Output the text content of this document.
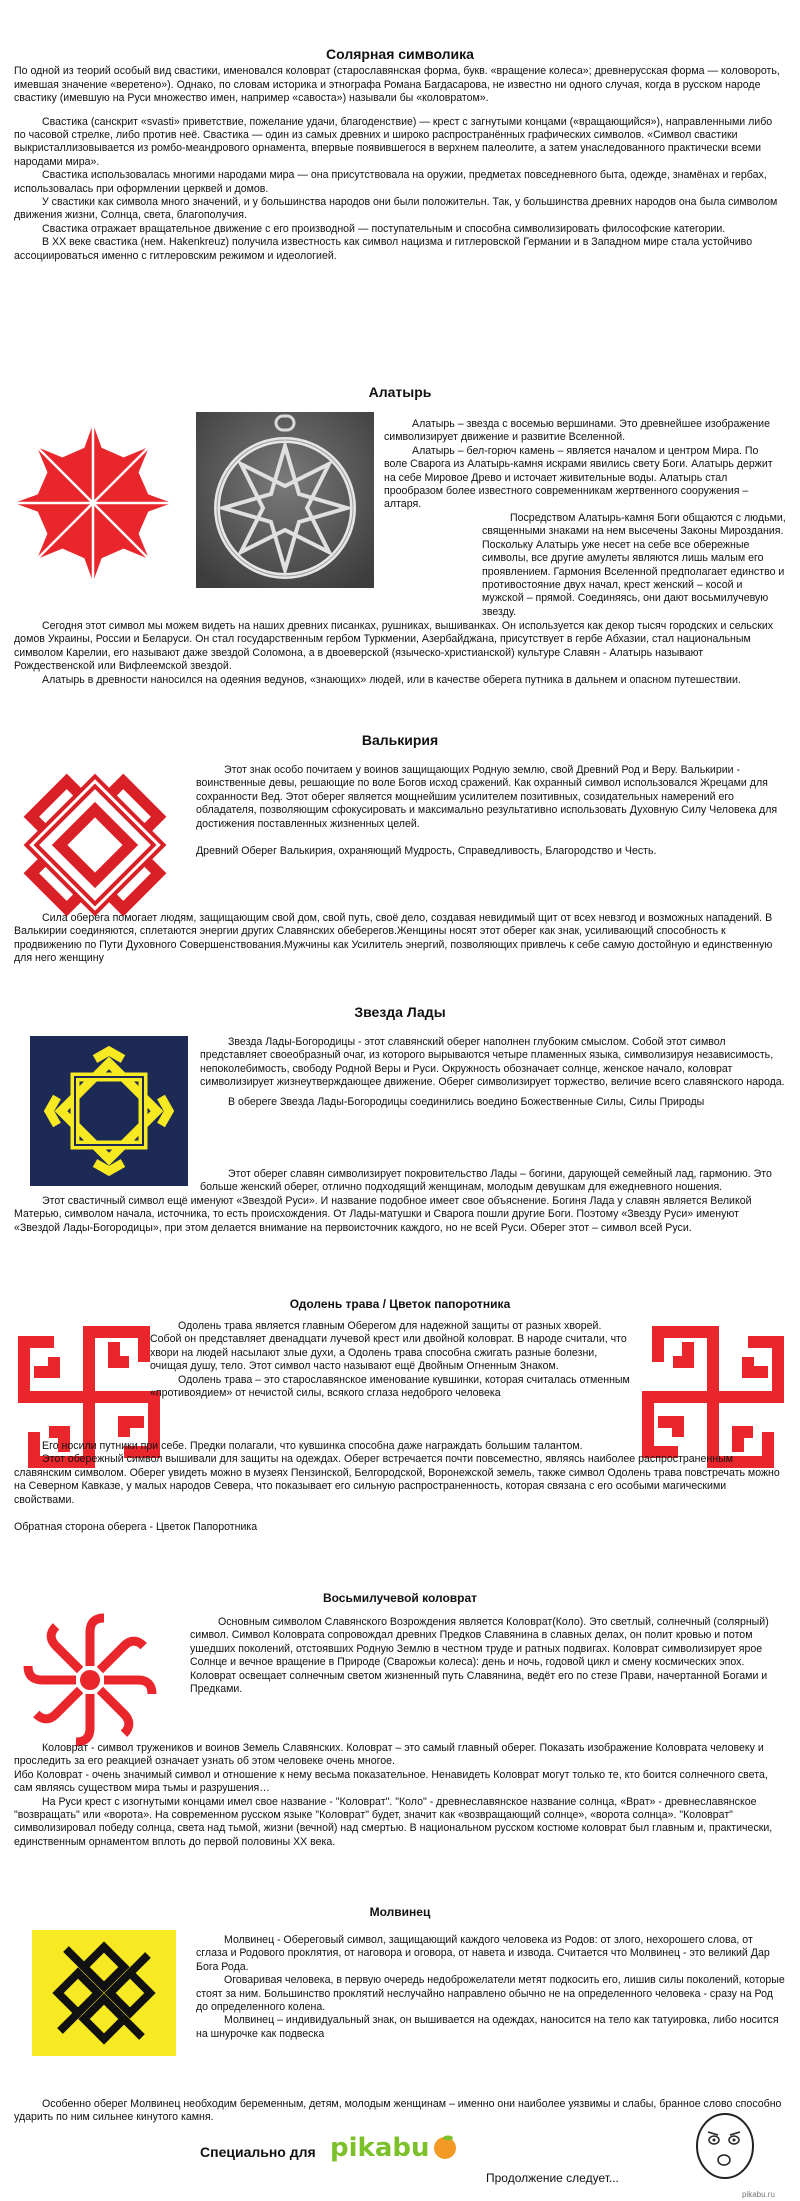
Солярная символика

По одной из теорий особый вид свастики, именовался коловрат (старославянская форма, букв. «вращение колеса»; древнерусская форма — коловороть, имевшая значение «веретено»). Однако, по словам историка и этнографа Романа Багдасарова, не известно ни одного случая, когда в русском народе свастику (имевшую на Руси множество имен, например «савоста») называли бы «коловратом».

Свастика (санскрит «svasti» приветствие, пожелание удачи, благоденствие) — крест с загнутыми концами («вращающийся»), направленными либо по часовой стрелке, либо против неё. Свастика — один из самых древних и широко распространённых графических символов. «Символ свастики выкристаллизовывается из ромбо-меандрового орнамента, впервые появившегося в верхнем палеолите, а затем унаследованного практически всеми народами мира».

Свастика использовалась многими народами мира — она присутствовала на оружии, предметах повседневного быта, одежде, знамёнах и гербах, использовалась при оформлении церквей и домов.

У свастики как символа много значений, и у большинства народов они были положительн. Так, у большинства древних народов она была символом движения жизни, Солнца, света, благополучия.

Свастика отражает вращательное движение с его производной — поступательным и способна символизировать философские категории.

В XX веке свастика (нем. Hakenkreuz) получила известность как символ нацизма и гитлеровской Германии и в Западном мире стала устойчиво ассоциироваться именно с гитлеровским режимом и идеологией.

Алатырь

Алатырь – звезда с восемью вершинами. Это древнейшее изображение символизирует движение и развитие Вселенной.

Алатырь – бел-горюч камень – является началом и центром Мира. По воле Сварога из Алатырь-камня искрами явились свету Боги. Алатырь держит на себе Мировое Древо и источает живительные воды. Алатырь стал прообразом более известного современникам жертвенного сооружения – алтаря.

Посредством Алатырь-камня Боги общаются с людьми, священными знаками на нем высечены Законы Мироздания. Поскольку Алатырь уже несет на себе все обережные символы, все другие амулеты являются лишь малым его проявлением. Гармония Вселенной предполагает единство и противостояние двух начал, крест женский – косой и мужской – прямой. Соединяясь, они дают восьмилучевую звезду.

Сегодня этот символ мы можем видеть на наших древних писанках, рушниках, вышиванках. Он используется как декор тысяч городских и сельских домов Украины, России и Беларуси. Он стал государственным гербом Туркмении, Азербайджана, присутствует в гербе Абхазии, стал национальным символом Карелии, его называют даже звездой Соломона, а в двоеверской (языческо-христианской) культуре Славян - Алатырь называют Рождественской или Вифлеемской звездой.

Алатырь в древности наносился на одеяния ведунов, «знающих» людей, или в качестве оберега путника в дальнем и опасном путешествии.

Валькирия

Этот знак особо почитаем у воинов защищающих Родную землю, свой Древний Род и Веру. Валькирии - воинственные девы, решающие по воле Богов исход сражений. Как охранный символ использовался Жрецами для сохранности Вед. Этот оберег является мощнейшим усилителем позитивных, созидательных намерений его обладателя, позволяющим сфокусировать и максимально результативно использовать Духовную Силу Человека для достижения поставленных жизненных целей.

Древний Оберег Валькирия, охраняющий Мудрость, Справедливость, Благородство и Честь.

Сила оберега помогает людям, защищающим свой дом, свой путь, своё дело, создавая невидимый щит от всех невзгод и возможных нападений. В Валькирии соединяются, сплетаются энергии других Славянских обеберегов.Женщины носят этот оберег как знак, усиливающий способность к продвижению по Пути Духовного Совершенствования.Мужчины как Усилитель энергий, позволяющих привлечь к себе самую достойную и единственную для него женщину

Звезда Лады

Звезда Лады-Богородицы - этот славянский оберег наполнен глубоким смыслом. Собой этот символ представляет своеобразный очаг, из которого вырываются четыре пламенных языка, символизируя независимость, непоколебимость, свободу Родной Веры и Руси. Окружность обозначает солнце, женское начало, коловрат символизирует жизнеутверждающее движение. Оберег символизирует торжество, величие всего славянского народа.

В обереге Звезда Лады-Богородицы соединились воедино Божественные Силы, Силы Природы

Этот оберег славян символизирует покровительство Лады – богини, дарующей семейный лад, гармонию. Это больше женский оберег, отлично подходящий женщинам, молодым девушкам для ежедневного ношения.

Этот свастичный символ ещё именуют «Звездой Руси». И название подобное имеет свое объяснение. Богиня Лада у славян является Великой Матерью, символом начала, источника, то есть происхождения. От Лады-матушки и Сварога пошли другие Боги. Поэтому «Звезду Руси» именуют «Звездой Лады-Богородицы», при этом делается внимание на первоисточник каждого, но не всей Руси. Оберег этот – символ всей Руси.

Одолень трава / Цветок папоротника

Одолень трава является главным Оберегом для надежной защиты от разных хворей. Собой он представляет двенадцати лучевой крест или двойной коловрат. В народе считали, что хвори на людей насылают злые духи, а Одолень трава способна сжигать разные болезни, очищая душу, тело. Этот символ часто называют ещё Двойным Огненным Знаком.

Одолень трава – это старославянское именование кувшинки, которая считалась отменным «противоядием» от нечистой силы, всякого сглаза недоброго человека

Его носили путники при себе. Предки полагали, что кувшинка способна даже награждать большим талантом.

Этот обережный символ вышивали для защиты на одеждах. Оберег встречается почти повсеместно, являясь наиболее распространенным славянским символом. Оберег увидеть можно в музеях Пензинской, Белгородской, Воронежской земель, также символ Одолень трава повстречать можно на Северном Кавказе, у малых народов Севера, что показывает его сильную распространенность, которая связана с его особыми магическими свойствами.

Обратная сторона оберега - Цветок Папоротника

Восьмилучевой коловрат

Основным символом Славянского Возрождения является Коловрат(Коло). Это светлый, солнечный (солярный) символ. Символ Коловрата сопровождал древних Предков Славянина в славных делах, он полит кровью и потом ушедших поколений, отстоявших Родную Землю в честном труде и ратных подвигах. Коловрат символизирует ярое Солнце и вечное вращение в Природе (Сварожьи колеса): день и ночь, годовой цикл и смену космических эпох. Коловрат освещает солнечным светом жизненный путь Славянина, ведёт его по стезе Прави, начертанной Богами и Предками.

Коловрат - символ тружеников и воинов Земель Славянских. Коловрат – это самый главный оберег. Показать изображение Коловрата человеку и проследить за его реакцией означает узнать об этом человеке очень многое.

Ибо Коловрат - очень значимый символ и отношение к нему весьма показательное. Ненавидеть Коловрат могут только те, кто боится солнечного света, сам являясь существом мира тьмы и разрушения…

На Руси крест с изогнутыми концами имел свое название - "Коловрат". "Коло" - древнеславянское название солнца, «Врат» - древнеславянское "возвращать" или «ворота». На современном русском языке "Коловрат" будет, значит как «возвращающий солнце», «ворота солнца». "Коловрат" символизировал победу солнца, света над тьмой, жизни (вечной) над смертью. В национальном русском костюме коловрат был главным и, практически, единственным орнаментом вплоть до первой половины XX века.

Молвинец

Молвинец - Обереговый символ, защищающий каждого человека из Родов: от злого, нехорошего слова, от сглаза и Родового проклятия, от наговора и оговора, от навета и извода. Считается что Молвинец - это великий Дар Бога Рода.

Оговаривая человека, в первую очередь недоброжелатели метят подкосить его, лишив силы поколений, которые стоят за ним. Большинство проклятий неслучайно направлено обычно не на определенного человека - сразу на Род до определенного колена.

Молвинец – индивидуальный знак, он вышивается на одеждах, наносится на тело как татуировка, либо носится на шнурочке как подвеска

Особенно оберег Молвинец необходим беременным, детям, молодым женщинам – именно они наиболее уязвимы и слабы, бранное слово способно ударить по ним сильнее кинутого камня.

Специально для pikabu
Продолжение следует...
pikabu.ru
